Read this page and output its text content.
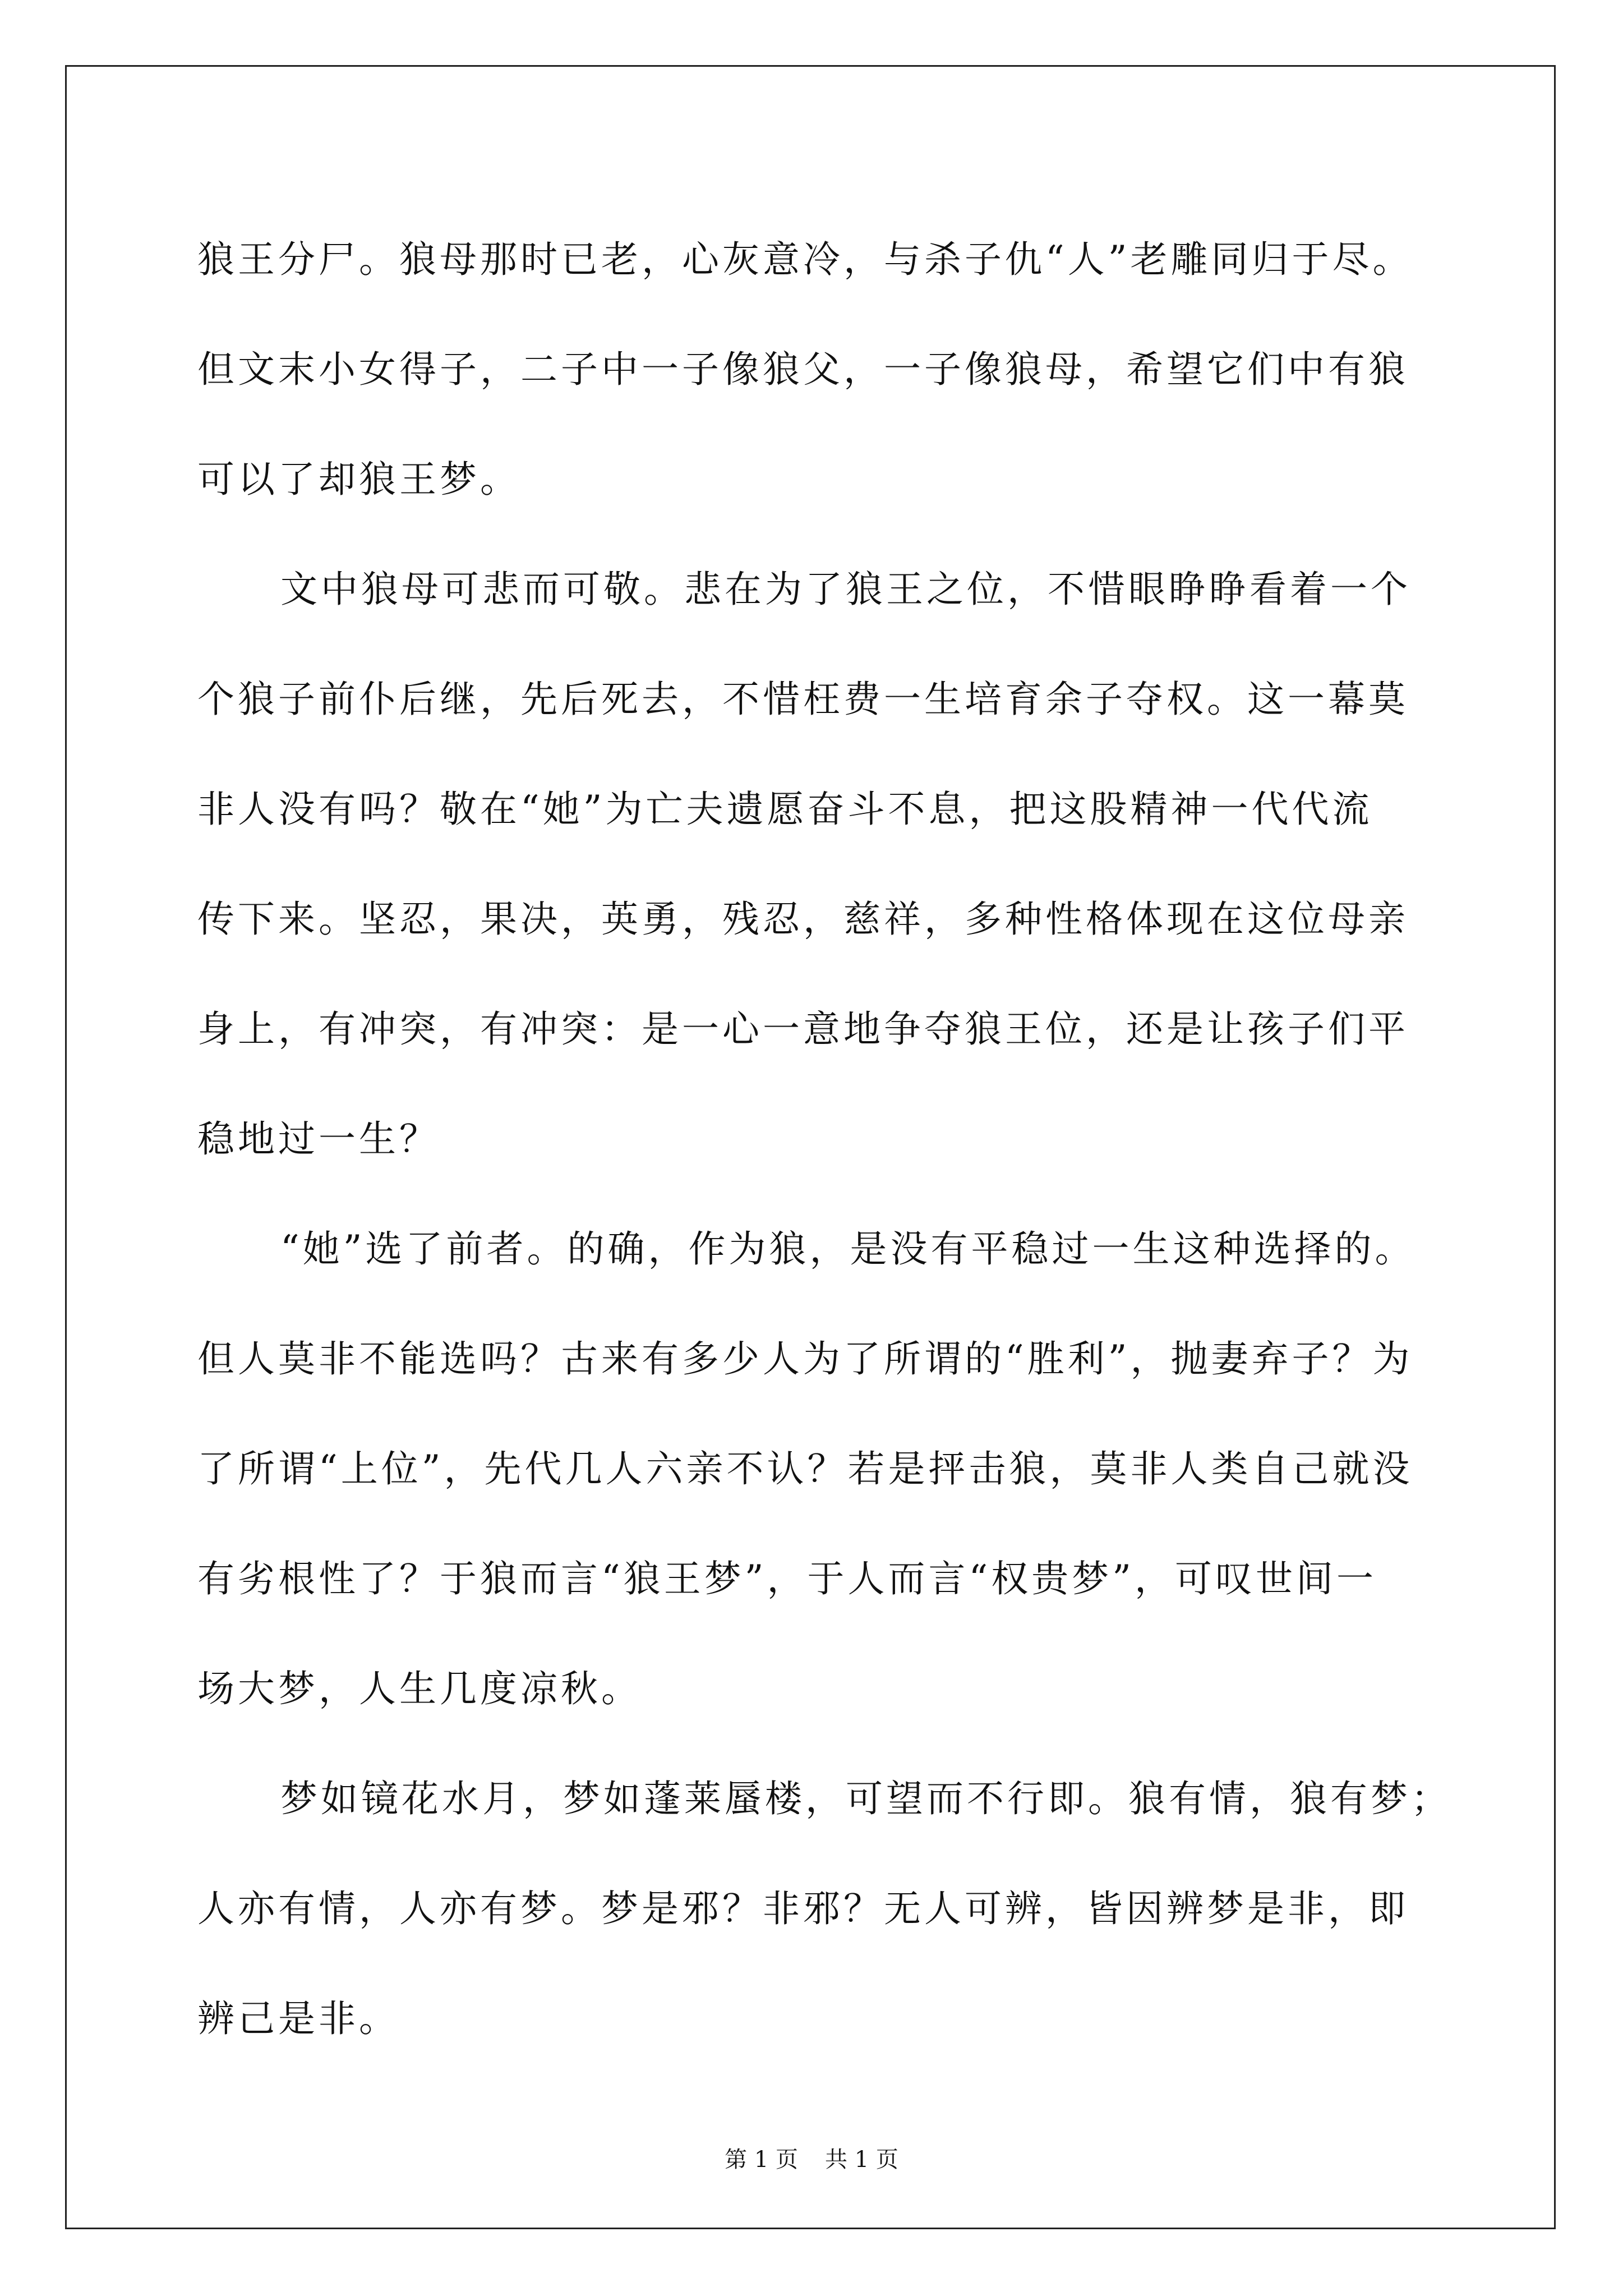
狼王分尸。狼母那时已老，心灰意冷，与杀子仇“人”老雕同归于尽。
但文末小女得子，二子中一子像狼父，一子像狼母，希望它们中有狼
可以了却狼王梦。
文中狼母可悲而可敬。悲在为了狼王之位，不惜眼睁睁看着一个
个狼子前仆后继，先后死去，不惜枉费一生培育余子夺权。这一幕莫
非人没有吗？敬在“她”为亡夫遗愿奋斗不息，把这股精神一代代流
传下来。坚忍，果决，英勇，残忍，慈祥，多种性格体现在这位母亲
身上，有冲突，有冲突：是一心一意地争夺狼王位，还是让孩子们平
稳地过一生？
“她”选了前者。的确，作为狼，是没有平稳过一生这种选择的。
但人莫非不能选吗？古来有多少人为了所谓的“胜利”，抛妻弃子？为
了所谓“上位”，先代几人六亲不认？若是抨击狼，莫非人类自己就没
有劣根性了？于狼而言“狼王梦”，于人而言“权贵梦”，可叹世间一
场大梦，人生几度凉秋。
梦如镜花水月，梦如蓬莱蜃楼，可望而不行即。狼有情，狼有梦；
人亦有情，人亦有梦。梦是邪？非邪？无人可辨，皆因辨梦是非，即
辨己是非。
第 1 页 共 1 页
